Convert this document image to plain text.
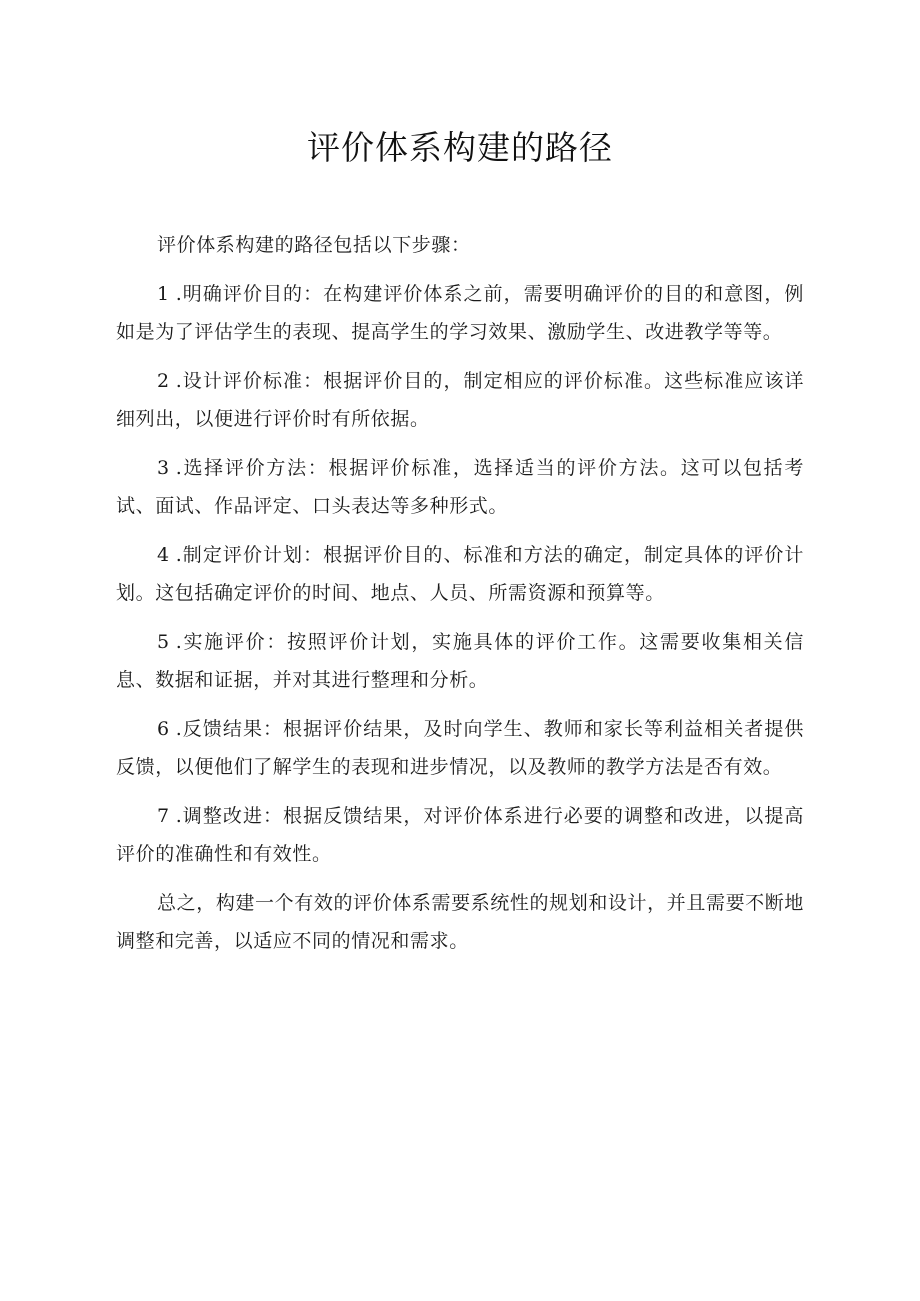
评价体系构建的路径

评价体系构建的路径包括以下步骤：

1 .明确评价目的：在构建评价体系之前，需要明确评价的目的和意图，例如是为了评估学生的表现、提高学生的学习效果、激励学生、改进教学等等。

2 .设计评价标准：根据评价目的，制定相应的评价标准。这些标准应该详细列出，以便进行评价时有所依据。

3 .选择评价方法：根据评价标准，选择适当的评价方法。这可以包括考试、面试、作品评定、口头表达等多种形式。

4 .制定评价计划：根据评价目的、标准和方法的确定，制定具体的评价计划。这包括确定评价的时间、地点、人员、所需资源和预算等。

5 .实施评价：按照评价计划，实施具体的评价工作。这需要收集相关信息、数据和证据，并对其进行整理和分析。

6 .反馈结果：根据评价结果，及时向学生、教师和家长等利益相关者提供反馈，以便他们了解学生的表现和进步情况，以及教师的教学方法是否有效。

7 .调整改进：根据反馈结果，对评价体系进行必要的调整和改进，以提高评价的准确性和有效性。

总之，构建一个有效的评价体系需要系统性的规划和设计，并且需要不断地调整和完善，以适应不同的情况和需求。
